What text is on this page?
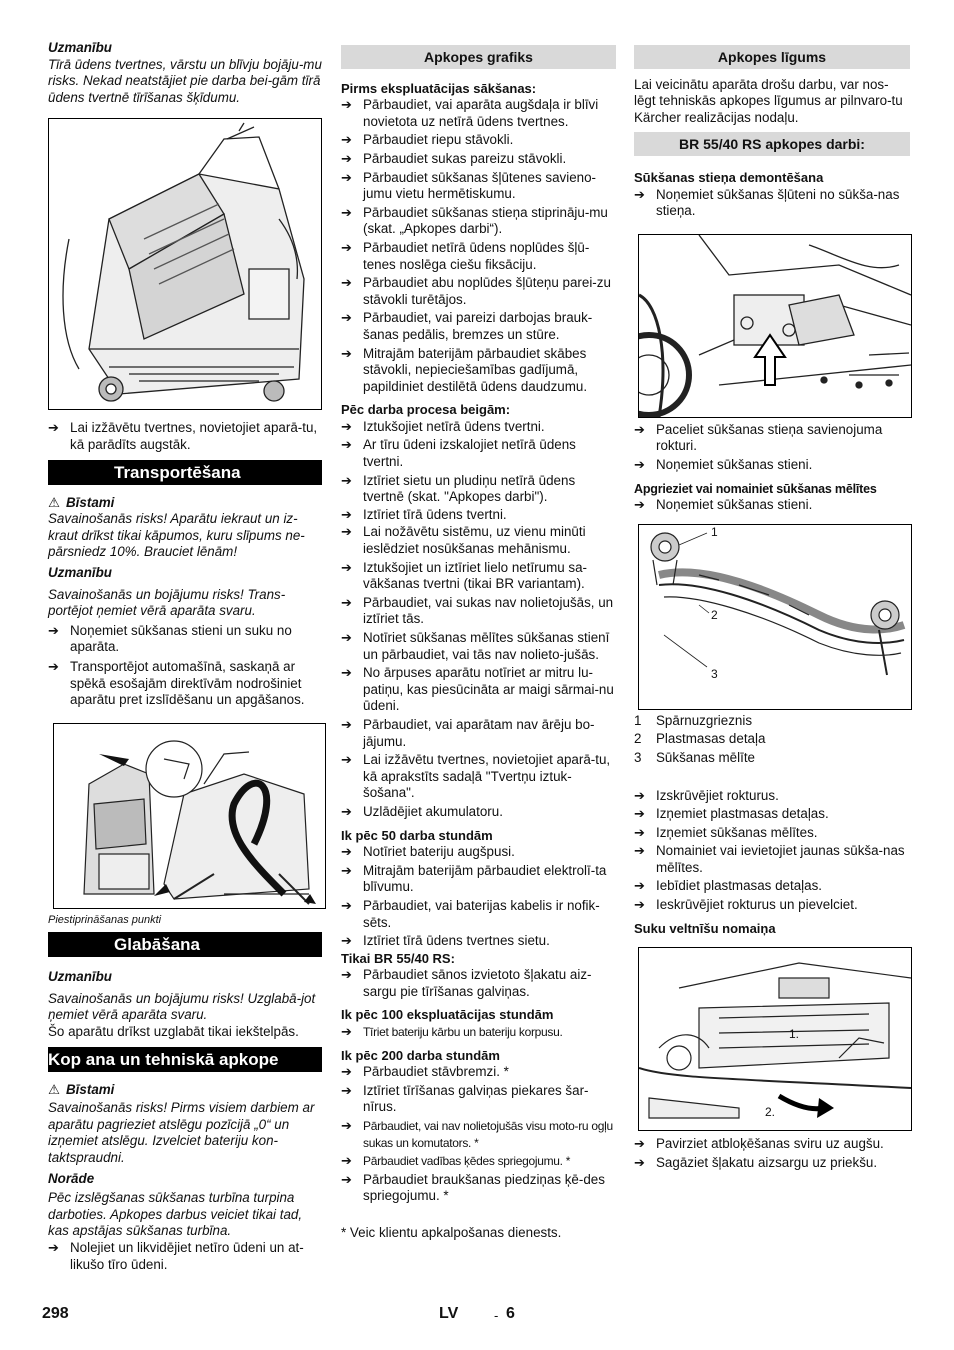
Uzmanību

Tīrā ūdens tvertnes, vārstu un blīvju bojāju-mu risks. Nekad neatstājiet pie darba bei-gām tīrā ūdens tvertnē tīrīšanas šķīdumu.

➔ Lai izžāvētu tvertnes, novietojiet aparā-tu, kā parādīts augstāk.
Transportēšana

⚠ Bīstami

Savainošanās risks! Aparātu iekraut un iz-kraut drīkst tikai kāpumos, kuru slīpums ne-pārsniedz 10%. Brauciet lēnām!

Uzmanību

Savainošanās un bojājumu risks! Trans-portējot ņemiet vērā aparāta svaru.

➔ Noņemiet sūkšanas stieni un suku no aparāta.
➔ Transportējot automašīnā, saskaņā ar spēkā esošajām direktīvām nodrošiniet aparātu pret izslīdēšanu un apgāšanos.

Piestiprināšanas punkti

Glabāšana

Uzmanību

Savainošanās un bojājumu risks! Uzglabā-jot ņemiet vērā aparāta svaru.

Šo aparātu drīkst uzglabāt tikai iekštelpās.

Kop ana un tehniskā apkope

⚠ Bīstami

Savainošanās risks! Pirms visiem darbiem ar aparātu pagrieziet atslēgu pozīcijā „0“ un izņemiet atslēgu. Izvelciet bateriju kon-taktspraudni.

Norāde

Pēc izslēgšanas sūkšanas turbīna turpina darboties. Apkopes darbus veiciet tikai tad, kas apstājas sūkšanas turbīna.

➔ Nolejiet un likvidējiet netīro ūdeni un at-likušo tīro ūdeni.
Apkopes grafiks

Pirms ekspluatācijas sākšanas:

➔ Pārbaudiet, vai aparāta augšdaļa ir blīvi novietota uz netīrā ūdens tvertnes.
➔ Pārbaudiet riepu stāvokli.
➔ Pārbaudiet sukas pareizu stāvokli.
➔ Pārbaudiet sūkšanas šļūtenes savieno-jumu vietu hermētiskumu.
➔ Pārbaudiet sūkšanas stieņa stiprināju-mu (skat. „Apkopes darbi“).
➔ Pārbaudiet netīrā ūdens noplūdes šļū-tenes noslēga ciešu fiksāciju.
➔ Pārbaudiet abu noplūdes šļūteņu parei-zu stāvokli turētājos.
➔ Pārbaudiet, vai pareizi darbojas brauk-šanas pedālis, bremzes un stūre.
➔ Mitrajām baterijām pārbaudiet skābes stāvokli, nepieciešamības gadījumā, papildiniet destilētā ūdens daudzumu.

Pēc darba procesa beigām:

➔ Iztukšojiet netīrā ūdens tvertni.
➔ Ar tīru ūdeni izskalojiet netīrā ūdens tvertni.
➔ Iztīriet sietu un pludiņu netīrā ūdens tvertnē (skat. "Apkopes darbi").
➔ Iztīriet tīrā ūdens tvertni.
➔ Lai nožāvētu sistēmu, uz vienu minūti ieslēdziet nosūkšanas mehānismu.
➔ Iztukšojiet un iztīriet lielo netīrumu sa-vākšanas tvertni (tikai BR variantam).
➔ Pārbaudiet, vai sukas nav nolietojušās, un iztīriet tās.
➔ Notīriet sūkšanas mēlītes sūkšanas stienī un pārbaudiet, vai tās nav nolieto-jušās.
➔ No ārpuses aparātu notīriet ar mitru lu-patiņu, kas piesūcināta ar maigi sārmai-nu ūdeni.
➔ Pārbaudiet, vai aparātam nav ārēju bo-jājumu.
➔ Lai izžāvētu tvertnes, novietojiet aparā-tu, kā aprakstīts sadaļā "Tvertņu iztuk-šošana".
➔ Uzlādējiet akumulatoru.

Ik pēc 50 darba stundām

➔ Notīriet bateriju augšpusi.
➔ Mitrajām baterijām pārbaudiet elektrolī-ta blīvumu.
➔ Pārbaudiet, vai baterijas kabelis ir nofik-sēts.
➔ Iztīriet tīrā ūdens tvertnes sietu.

Tikai BR 55/40 RS:

➔ Pārbaudiet sānos izvietoto šļakatu aiz-sargu pie tīrīšanas galviņas.

Ik pēc 100 ekspluatācijas stundām

➔ Tīriet bateriju kārbu un bateriju korpusu.

Ik pēc 200 darba stundām

➔ Pārbaudiet stāvbremzi. *
➔ Iztīriet tīrīšanas galviņas piekares šar-nīrus.
➔ Pārbaudiet, vai nav nolietojušās visu moto-ru ogļu sukas un komutators. *
➔ Pārbaudiet vadības ķēdes spriegojumu. *
➔ Pārbaudiet braukšanas piedziņas ķē-des spriegojumu. *

* Veic klientu apkalpošanas dienests.

Apkopes līgums

Lai veicinātu aparāta drošu darbu, var nos-lēgt tehniskās apkopes līgumus ar pilnvaro-tu Kärcher realizācijas nodaļu.

BR 55/40 RS apkopes darbi:

Sūkšanas stieņa demontēšana

➔ Noņemiet sūkšanas šļūteni no sūkša-nas stieņa.
➔ Paceliet sūkšanas stieņa savienojuma rokturi.
➔ Noņemiet sūkšanas stieni.

Apgrieziet vai nomainiet sūkšanas mēlītes

➔ Noņemiet sūkšanas stieni.
1
2
3
1 Spārnuzgrieznis
2 Plastmasas detaļa
3 Sūkšanas mēlīte
➔ Izskrūvējiet rokturus.
➔ Izņemiet plastmasas detaļas.
➔ Izņemiet sūkšanas mēlītes.
➔ Nomainiet vai ievietojiet jaunas sūkša-nas mēlītes.
➔ Iebīdiet plastmasas detaļas.
➔ Ieskrūvējiet rokturus un pievelciet.

Suku veltnīšu nomaiņa

1.
2.
➔ Pavirziet atbloķēšanas sviru uz augšu.
➔ Sagāziet šļakatu aizsargu uz priekšu.
298	LV	- 6
